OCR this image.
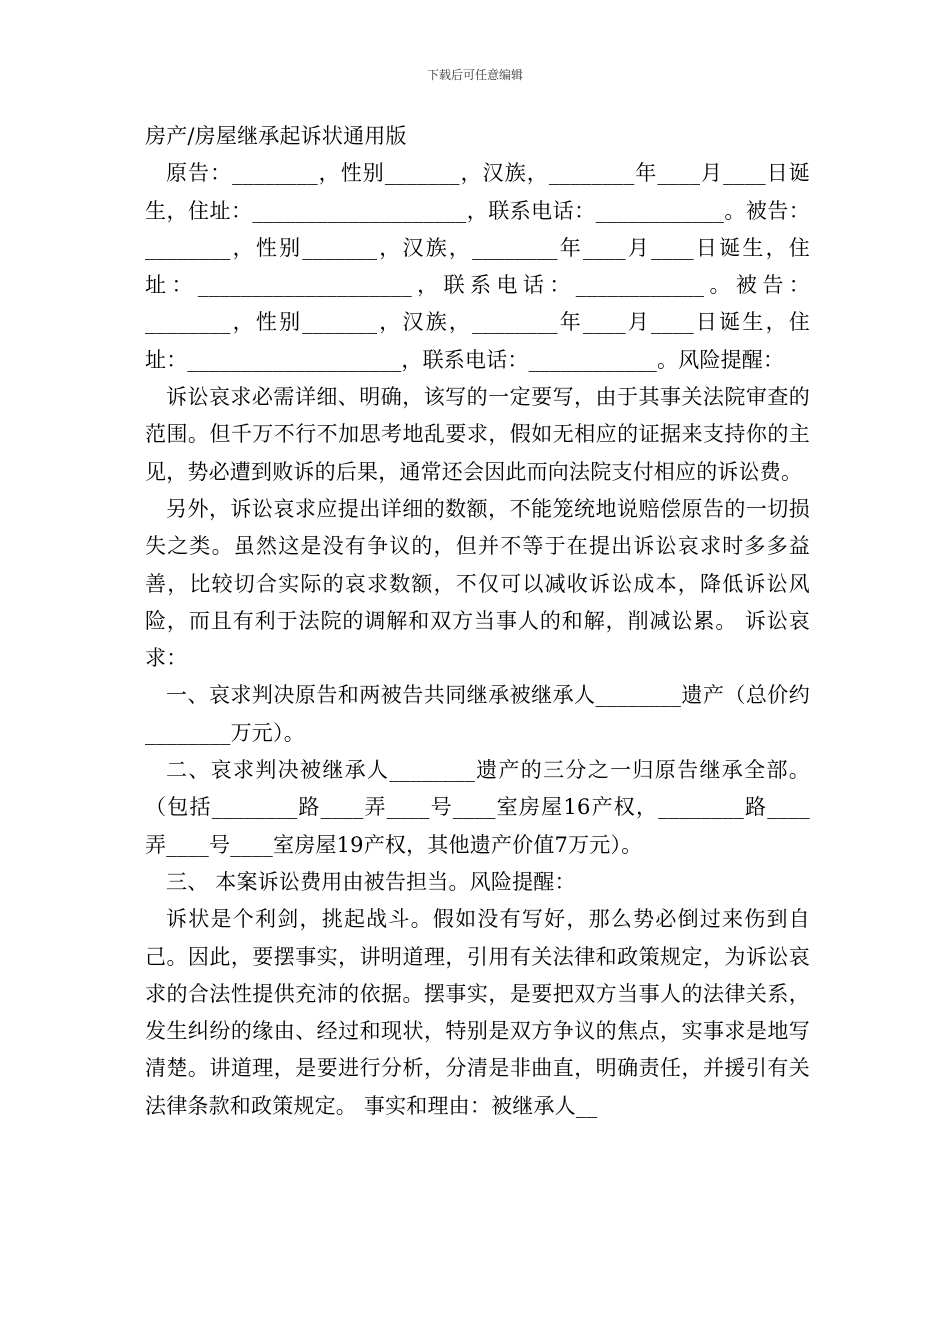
下载后可任意编辑

房产/房屋继承起诉状通用版

原告：________，性别_______，汉族，________年____月____日诞生，住址：____________________，联系电话：____________。被告：________，性别_______，汉族，________年____月____日诞生，住址：____________________，联系电话：____________。被告：________，性别_______，汉族，________年____月____日诞生，住址：____________________，联系电话：____________。风险提醒：

诉讼哀求必需详细、明确，该写的一定要写，由于其事关法院审查的范围。但千万不行不加思考地乱要求，假如无相应的证据来支持你的主见，势必遭到败诉的后果，通常还会因此而向法院支付相应的诉讼费。

另外，诉讼哀求应提出详细的数额，不能笼统地说赔偿原告的一切损失之类。虽然这是没有争议的，但并不等于在提出诉讼哀求时多多益善，比较切合实际的哀求数额，不仅可以减收诉讼成本，降低诉讼风险，而且有利于法院的调解和双方当事人的和解，削减讼累。 诉讼哀求：

一、哀求判决原告和两被告共同继承被继承人________遗产（总价约________万元）。

二、哀求判决被继承人________遗产的三分之一归原告继承全部。（包括________路____弄____号____室房屋16产权，________路____弄____号____室房屋19产权，其他遗产价值7万元）。

三、 本案诉讼费用由被告担当。风险提醒：

诉状是个利剑，挑起战斗。假如没有写好，那么势必倒过来伤到自己。因此，要摆事实，讲明道理，引用有关法律和政策规定，为诉讼哀求的合法性提供充沛的依据。摆事实，是要把双方当事人的法律关系，发生纠纷的缘由、经过和现状，特别是双方争议的焦点，实事求是地写清楚。讲道理，是要进行分析，分清是非曲直，明确责任，并援引有关法律条款和政策规定。 事实和理由：被继承人__
